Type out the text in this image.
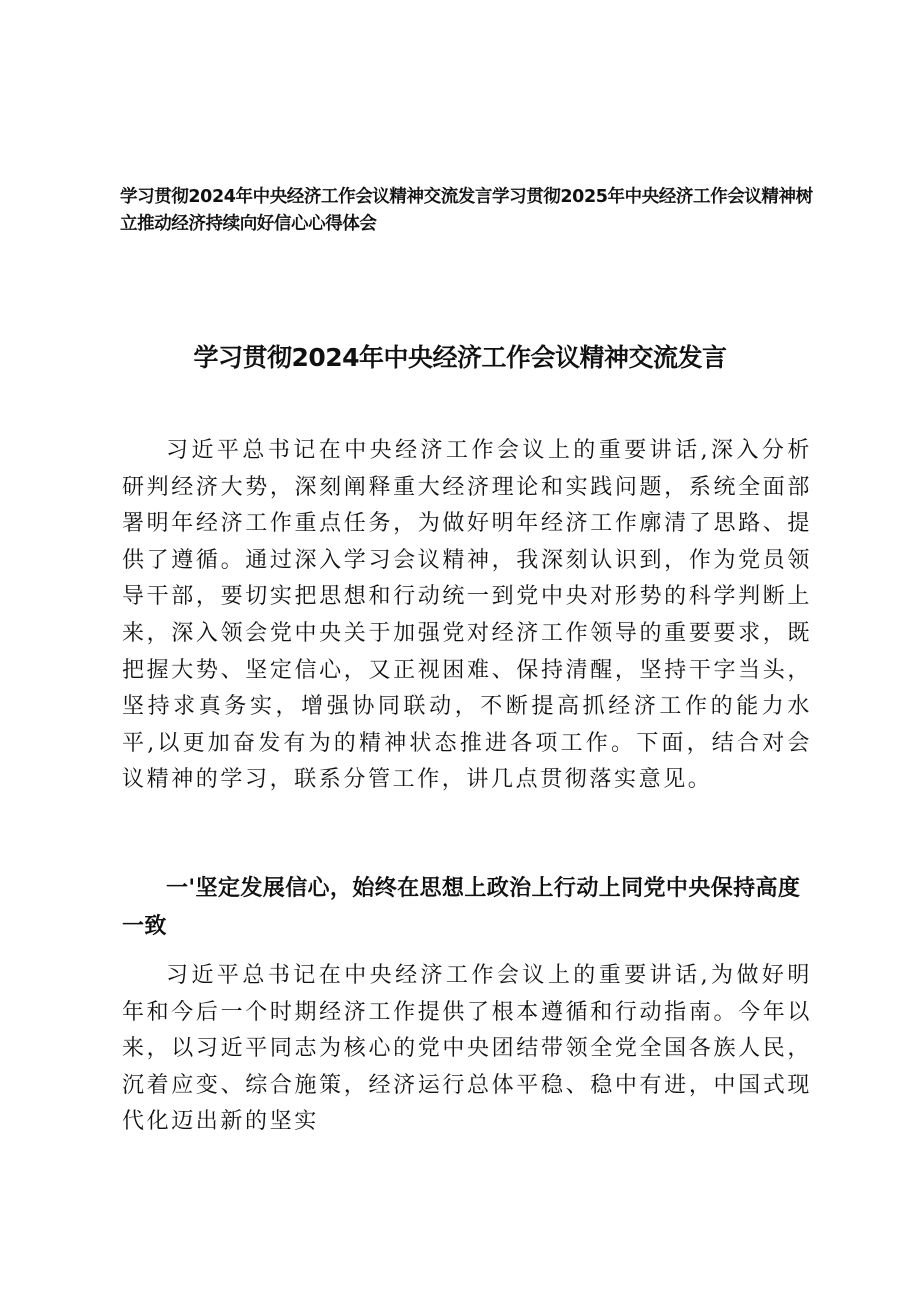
学习贯彻2024年中央经济工作会议精神交流发言学习贯彻2025年中央经济工作会议精神树立推动经济持续向好信心心得体会
学习贯彻2024年中央经济工作会议精神交流发言

习近平总书记在中央经济工作会议上的重要讲话,深入分析研判经济大势，深刻阐释重大经济理论和实践问题，系统全面部署明年经济工作重点任务，为做好明年经济工作廓清了思路、提供了遵循。通过深入学习会议精神，我深刻认识到，作为党员领导干部，要切实把思想和行动统一到党中央对形势的科学判断上来，深入领会党中央关于加强党对经济工作领导的重要要求，既把握大势、坚定信心，又正视困难、保持清醒，坚持干字当头，坚持求真务实，增强协同联动，不断提高抓经济工作的能力水平,以更加奋发有为的精神状态推进各项工作。下面，结合对会议精神的学习，联系分管工作，讲几点贯彻落实意见。

一'坚定发展信心，始终在思想上政治上行动上同党中央保持高度一致

习近平总书记在中央经济工作会议上的重要讲话,为做好明年和今后一个时期经济工作提供了根本遵循和行动指南。今年以来，以习近平同志为核心的党中央团结带领全党全国各族人民，沉着应变、综合施策，经济运行总体平稳、稳中有进，中国式现代化迈出新的坚实
